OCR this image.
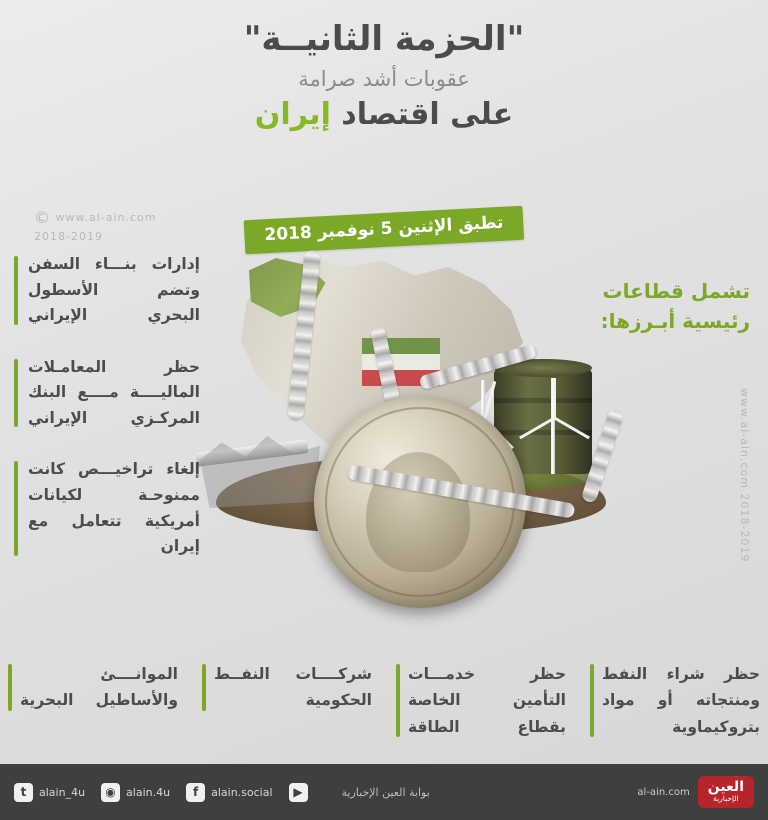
"الحزمة الثانيــة"
عقوبات أشد صرامة
على اقتصاد إيران
تطبق الإثنين 5 نوفمبر 2018
© www.al-ain.com
2018-2019
www.al-ain.com 2018-2019
تشمل قطاعات رئيسية أبـرزها:
إدارات بنـــاء السفن وتضم الأسطول البحري الإيراني
حظر المعامـلات الماليــــة مــــع البنك المركـزي الإيراني
إلغاء تراخيـــص كانت ممنوحـة لكيانات أمريكية تتعامل مع إيران
الموانــــئ والأساطيل البحرية
شركــــات النفــط الحكومية
حظر خدمـــات التأمين الخاصة بقطاع الطاقة
حظر شراء النفط ومنتجاته أو مواد بتروكيماوية
t	alain_4u	◉ alain.4u	f	alain.social	▶	بوابة العين الإخبارية	al-ain.com العين
الإخبارية
